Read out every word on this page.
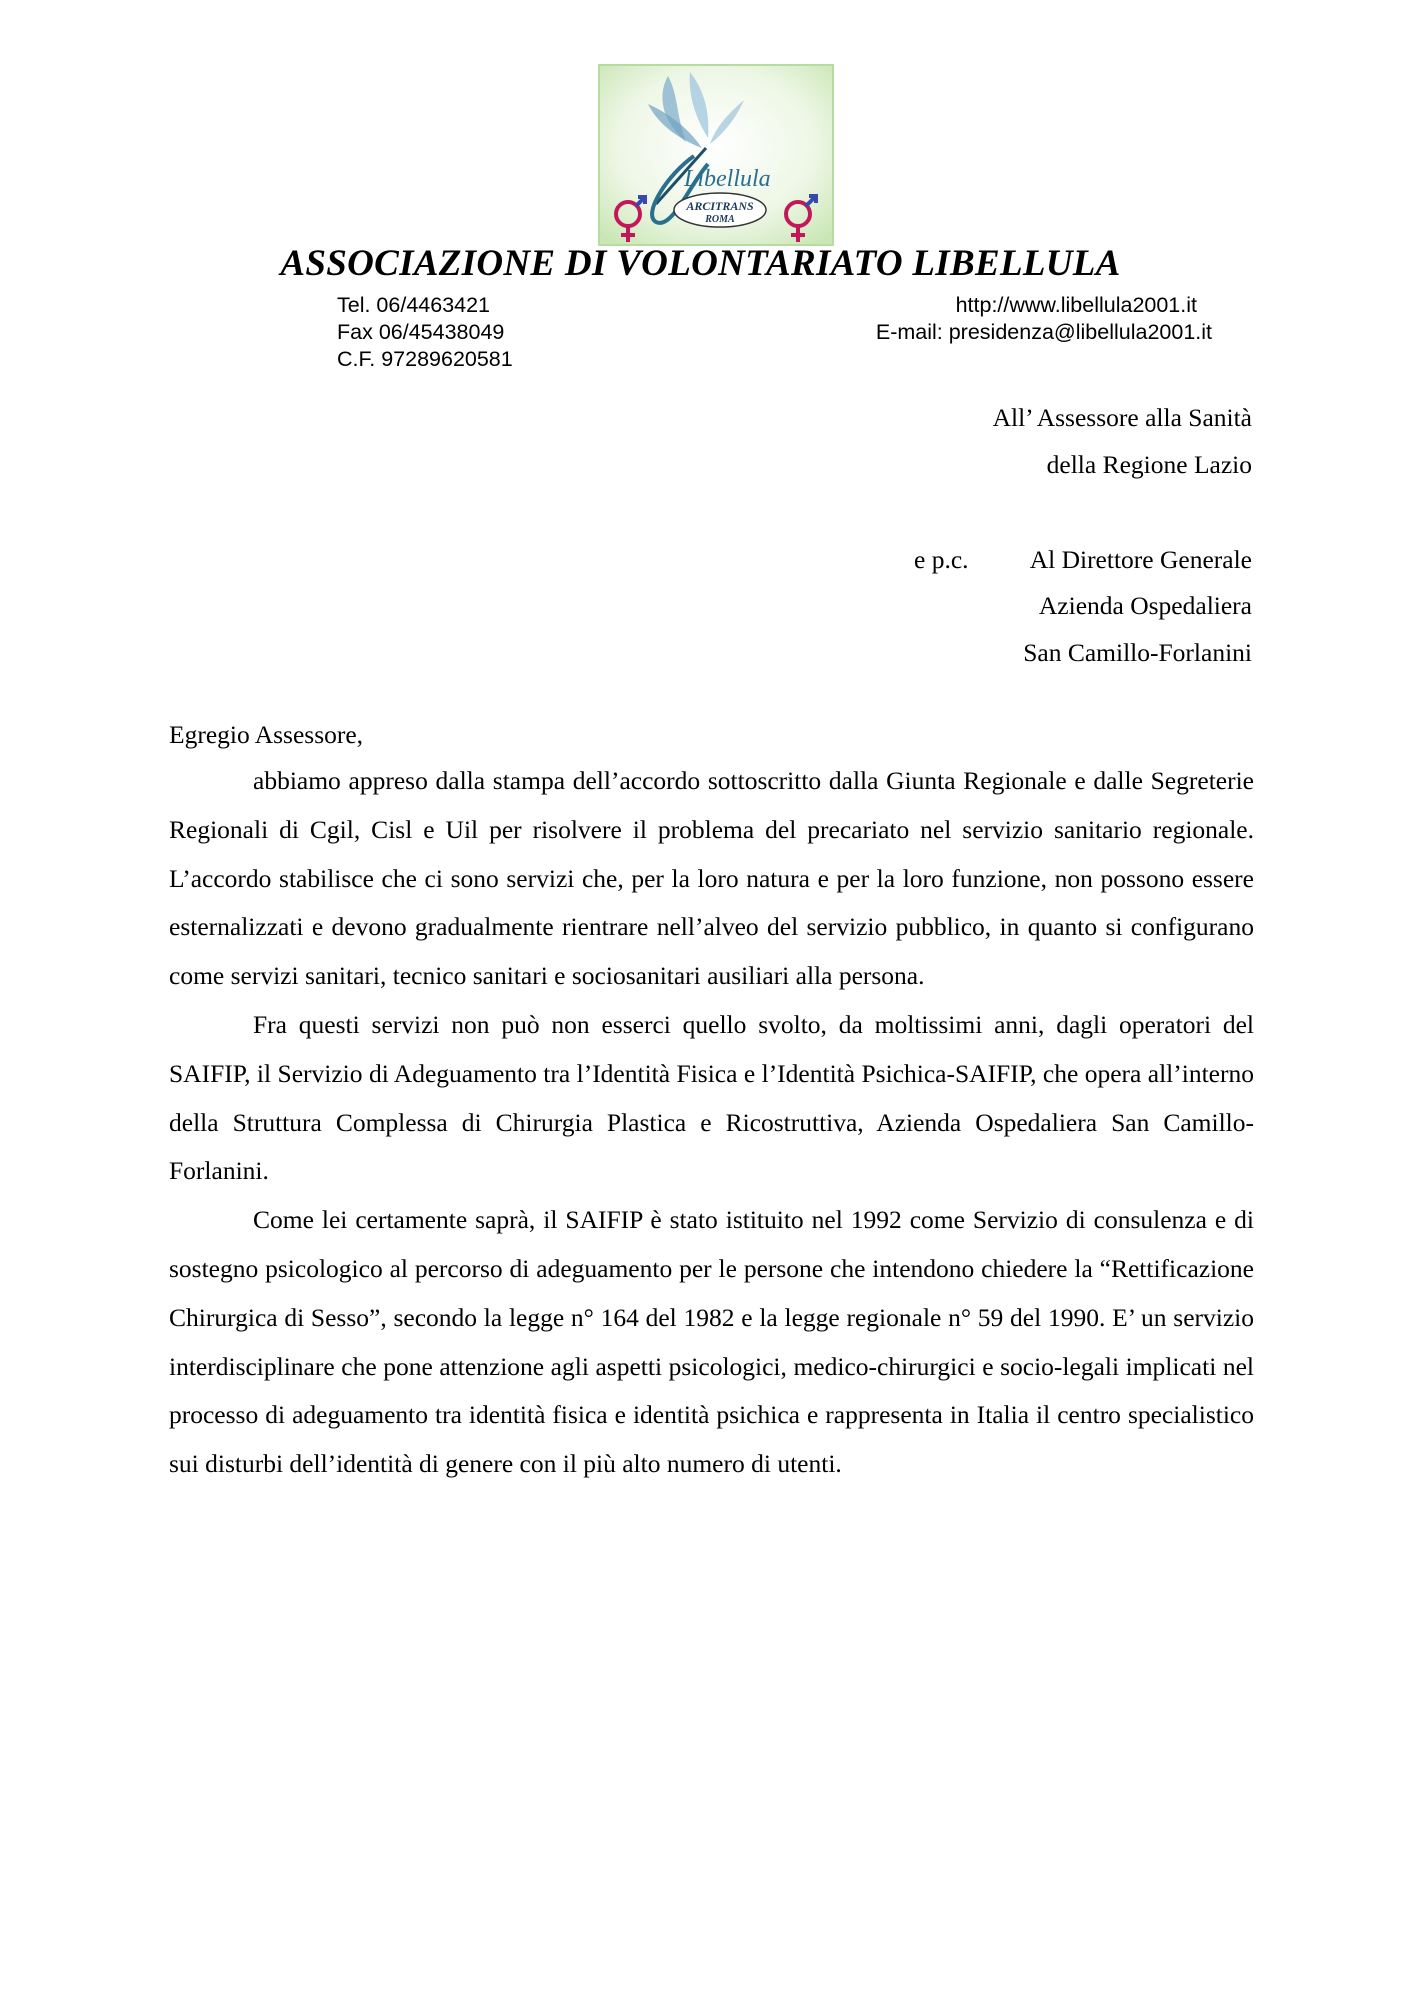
Libellula
ARCITRANS
ROMA
ASSOCIAZIONE DI VOLONTARIATO LIBELLULA
Tel. 06/4463421
Fax 06/45438049
C.F. 97289620581
http://www.libellula2001.it
E-mail: presidenza@libellula2001.it
All’ Assessore alla Sanità
della Regione Lazio
e p.c. Al Direttore Generale
Azienda Ospedaliera
San Camillo-Forlanini
Egregio Assessore,

abbiamo appreso dalla stampa dell’accordo sottoscritto dalla Giunta Regionale e dalle Segreterie Regionali di Cgil, Cisl e Uil per risolvere il problema del precariato nel servizio sanitario regionale. L’accordo stabilisce che ci sono servizi che, per la loro natura e per la loro funzione, non possono essere esternalizzati e devono gradualmente rientrare nell’alveo del servizio pubblico, in quanto si configurano come servizi sanitari, tecnico sanitari e sociosanitari ausiliari alla persona.

Fra questi servizi non può non esserci quello svolto, da moltissimi anni, dagli operatori del SAIFIP, il Servizio di Adeguamento tra l’Identità Fisica e l’Identità Psichica-SAIFIP, che opera all’interno della Struttura Complessa di Chirurgia Plastica e Ricostruttiva, Azienda Ospedaliera San Camillo-Forlanini.

Come lei certamente saprà, il SAIFIP è stato istituito nel 1992 come Servizio di consulenza e di sostegno psicologico al percorso di adeguamento per le persone che intendono chiedere la “Rettificazione Chirurgica di Sesso”, secondo la legge n° 164 del 1982 e la legge regionale n° 59 del 1990. E’ un servizio interdisciplinare che pone attenzione agli aspetti psicologici, medico-chirurgici e socio-legali implicati nel processo di adeguamento tra identità fisica e identità psichica e rappresenta in Italia il centro specialistico sui disturbi dell’identità di genere con il più alto numero di utenti.
